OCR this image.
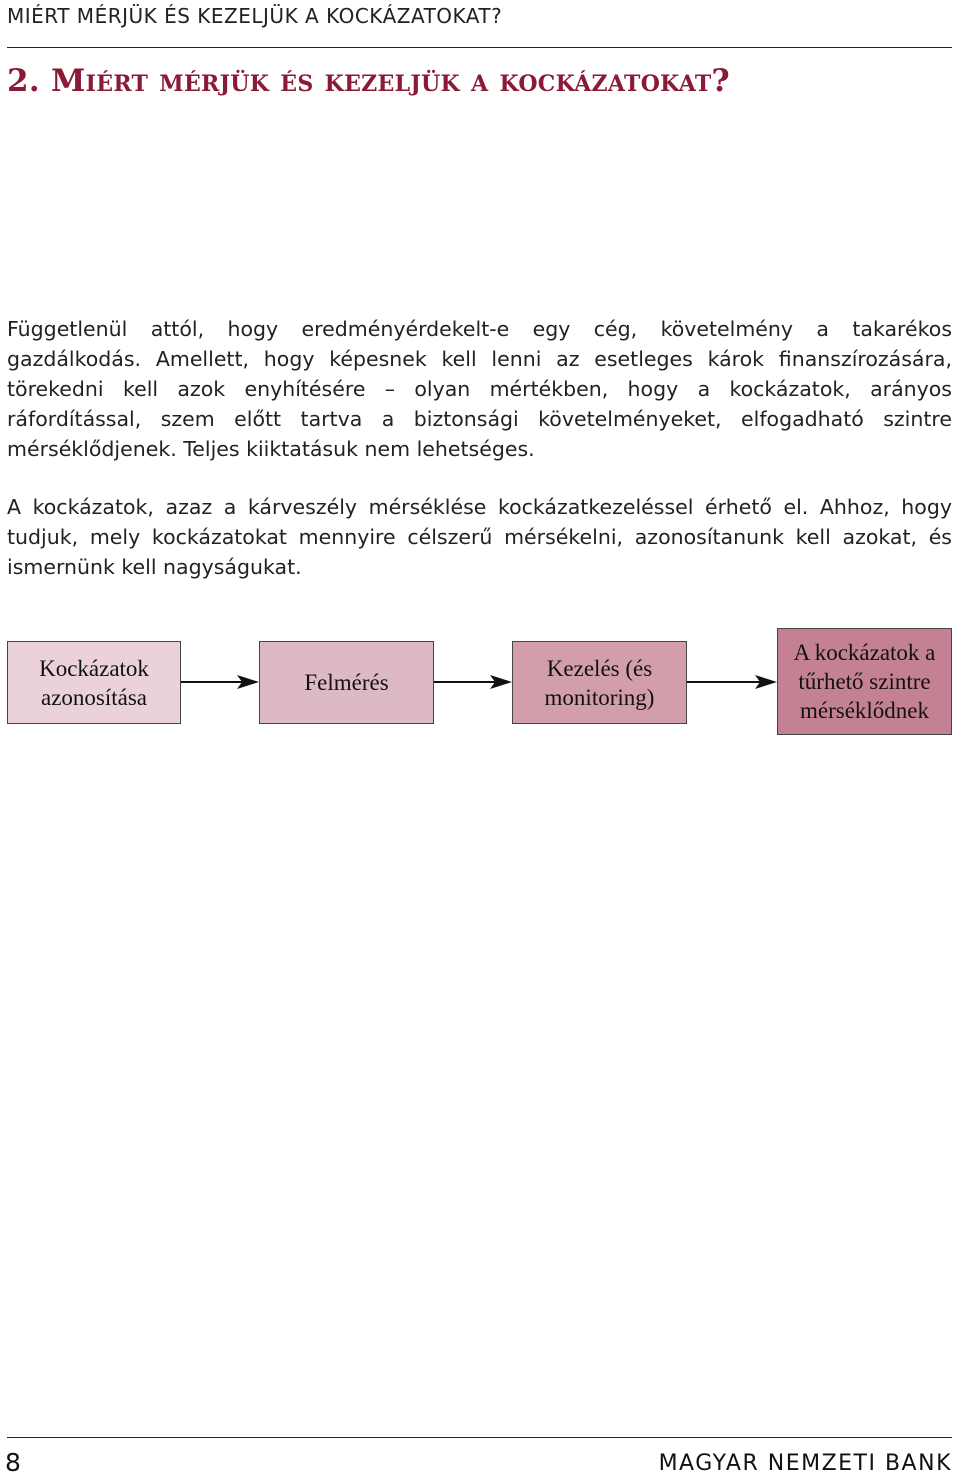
MIÉRT MÉRJÜK ÉS KEZELJÜK A KOCKÁZATOKAT?
2. Miért mérjük és kezeljük a kockázatokat?

Függetlenül attól, hogy eredményérdekelt-e egy cég, követelmény a takarékos gazdálkodás. Amellett, hogy képesnek kell lenni az esetleges károk finanszírozására, törekedni kell azok enyhítésére – olyan mértékben, hogy a kockázatok, arányos ráfordítással, szem előtt tartva a biztonsági követelményeket, elfogadható szintre mérséklődjenek. Teljes kiiktatásuk nem lehetséges.

A kockázatok, azaz a kárveszély mérséklése kockázatkezeléssel érhető el. Ahhoz, hogy tudjuk, mely kockázatokat mennyire célszerű mérsékelni, azonosítanunk kell azokat, és ismernünk kell nagyságukat.

Kockázatok azonosítása
Felmérés
Kezelés (és monitoring)
A kockázatok a tűrhető szintre mérséklődnek
8	MAGYAR NEMZETI BANK
